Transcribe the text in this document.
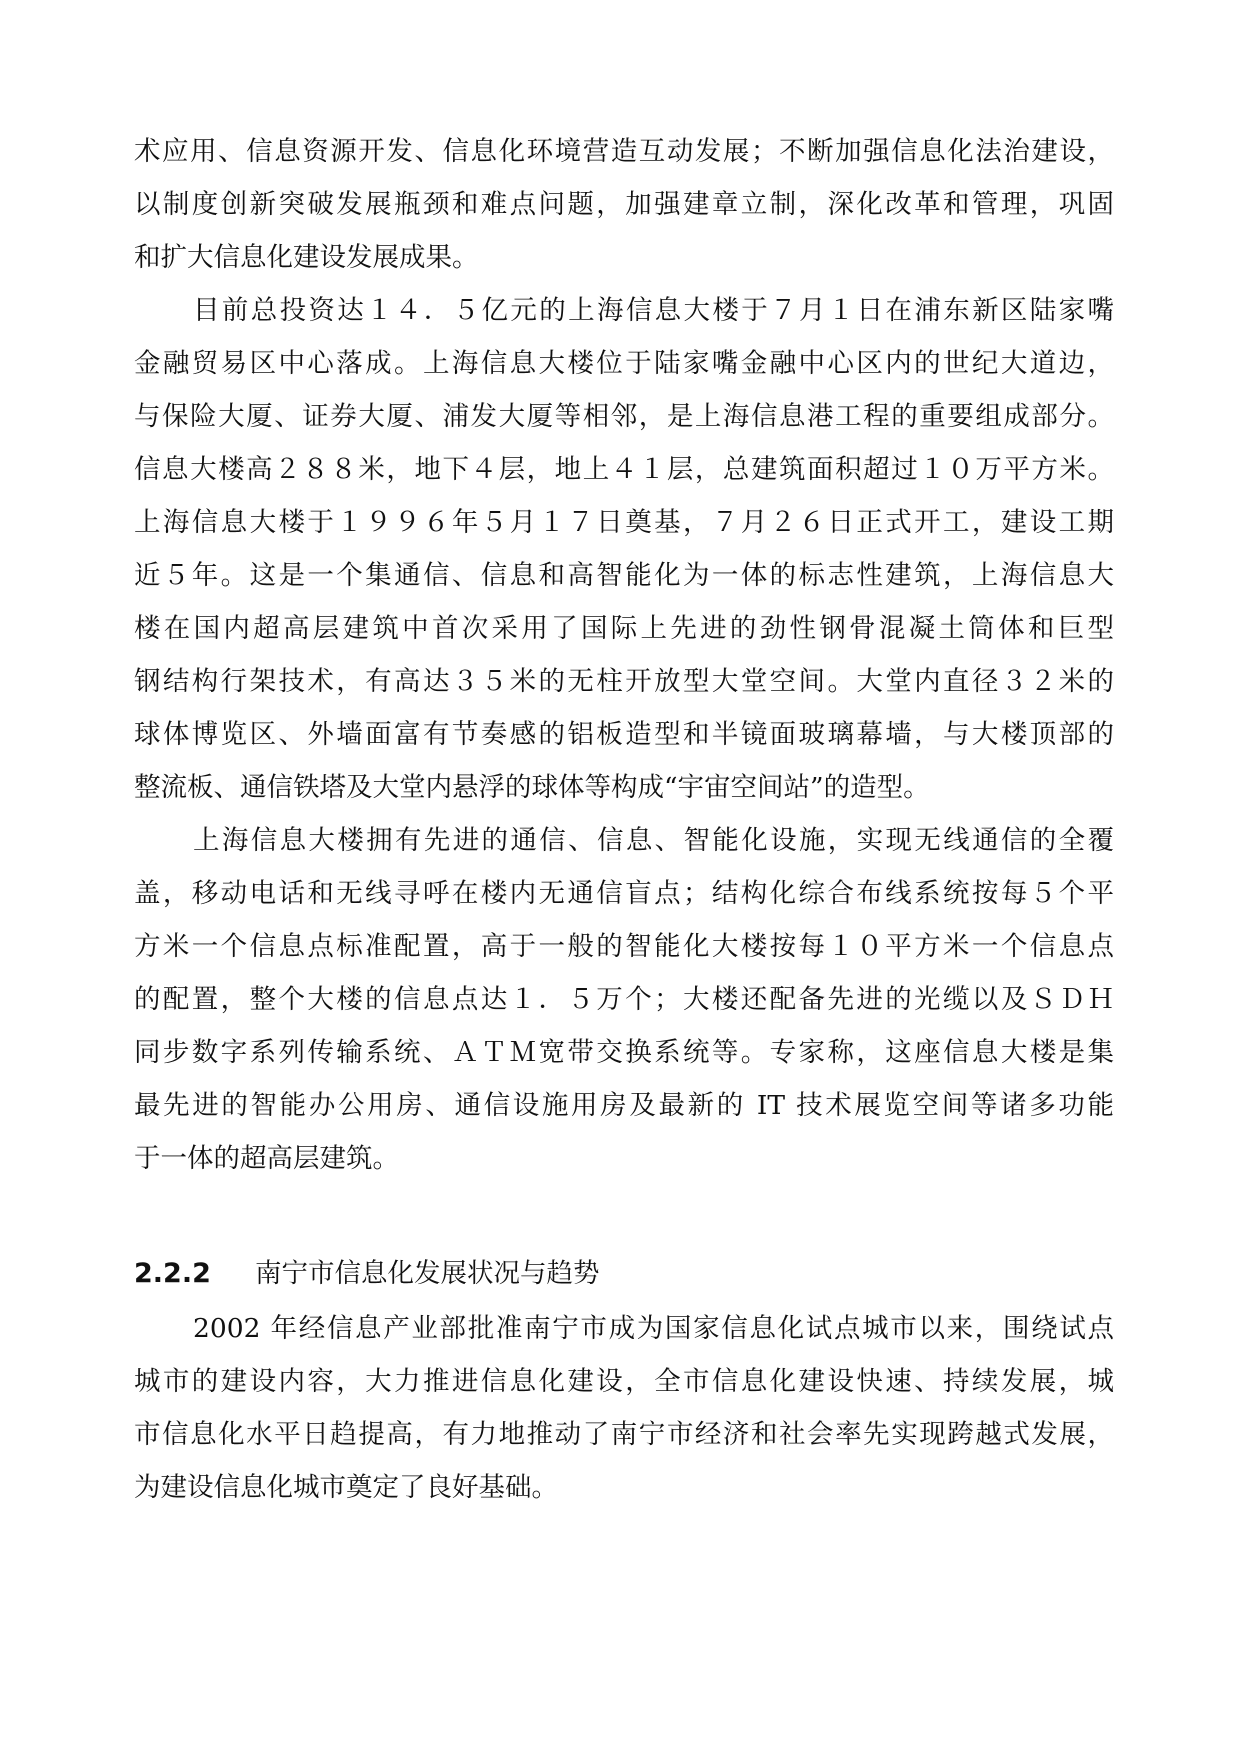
术应用、信息资源开发、信息化环境营造互动发展；不断加强信息化法治建设，
以制度创新突破发展瓶颈和难点问题，加强建章立制，深化改革和管理，巩固
和扩大信息化建设发展成果。
目前总投资达１４．５亿元的上海信息大楼于７月１日在浦东新区陆家嘴
金融贸易区中心落成。上海信息大楼位于陆家嘴金融中心区内的世纪大道边，
与保险大厦、证券大厦、浦发大厦等相邻，是上海信息港工程的重要组成部分。
信息大楼高２８８米，地下４层，地上４１层，总建筑面积超过１０万平方米。
上海信息大楼于１９９６年５月１７日奠基，７月２６日正式开工，建设工期
近５年。这是一个集通信、信息和高智能化为一体的标志性建筑，上海信息大
楼在国内超高层建筑中首次采用了国际上先进的劲性钢骨混凝土筒体和巨型
钢结构行架技术，有高达３５米的无柱开放型大堂空间。大堂内直径３２米的
球体博览区、外墙面富有节奏感的铝板造型和半镜面玻璃幕墙，与大楼顶部的
整流板、通信铁塔及大堂内悬浮的球体等构成“宇宙空间站”的造型。
上海信息大楼拥有先进的通信、信息、智能化设施，实现无线通信的全覆
盖，移动电话和无线寻呼在楼内无通信盲点；结构化综合布线系统按每５个平
方米一个信息点标准配置，高于一般的智能化大楼按每１０平方米一个信息点
的配置，整个大楼的信息点达１．５万个；大楼还配备先进的光缆以及ＳＤＨ
同步数字系列传输系统、ＡＴＭ宽带交换系统等。专家称，这座信息大楼是集
最先进的智能办公用房、通信设施用房及最新的 IT 技术展览空间等诸多功能
于一体的超高层建筑。
2.2.2 南宁市信息化发展状况与趋势
2002 年经信息产业部批准南宁市成为国家信息化试点城市以来，围绕试点
城市的建设内容，大力推进信息化建设，全市信息化建设快速、持续发展，城
市信息化水平日趋提高，有力地推动了南宁市经济和社会率先实现跨越式发展，
为建设信息化城市奠定了良好基础。
